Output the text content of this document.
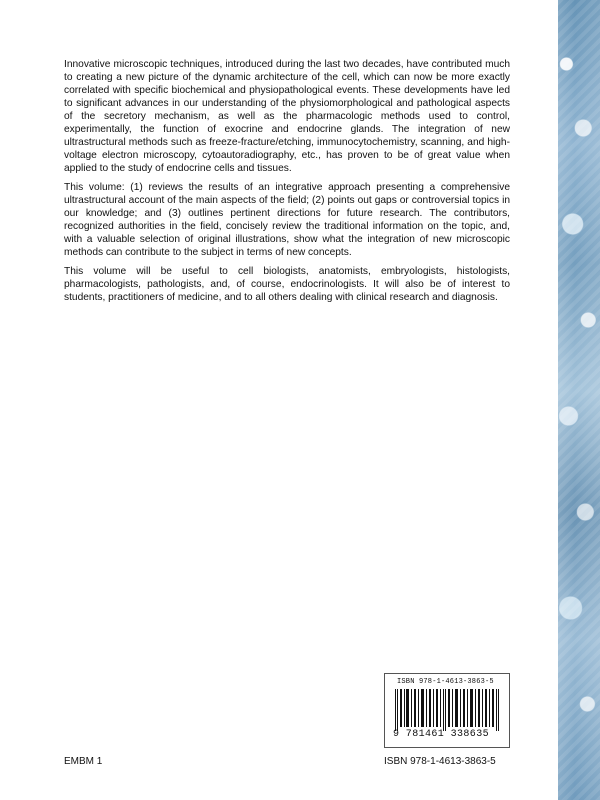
Innovative microscopic techniques, introduced during the last two decades, have contributed much to creating a new picture of the dynamic architecture of the cell, which can now be more exactly correlated with specific biochemical and physiopathological events. These developments have led to significant advances in our understanding of the physiomorphological and pathological aspects of the secretory mechanism, as well as the pharmacologic methods used to control, experimentally, the function of exocrine and endocrine glands. The integration of new ultrastructural methods such as freeze-fracture/etching, immunocytochemistry, scanning, and high-voltage electron microscopy, cytoautoradiography, etc., has proven to be of great value when applied to the study of endocrine cells and tissues.

This volume: (1) reviews the results of an integrative approach presenting a comprehensive ultrastructural account of the main aspects of the field; (2) points out gaps or controversial topics in our knowledge; and (3) outlines pertinent directions for future research. The contributors, recognized authorities in the field, concisely review the traditional information on the topic, and, with a valuable selection of original illustrations, show what the integration of new microscopic methods can contribute to the subject in terms of new concepts.

This volume will be useful to cell biologists, anatomists, embryologists, histologists, pharmacologists, pathologists, and, of course, endocrinologists. It will also be of interest to students, practitioners of medicine, and to all others dealing with clinical research and diagnosis.

ISBN 978-1-4613-3863-5
9 781461 338635
EMBM 1	ISBN 978-1-4613-3863-5
